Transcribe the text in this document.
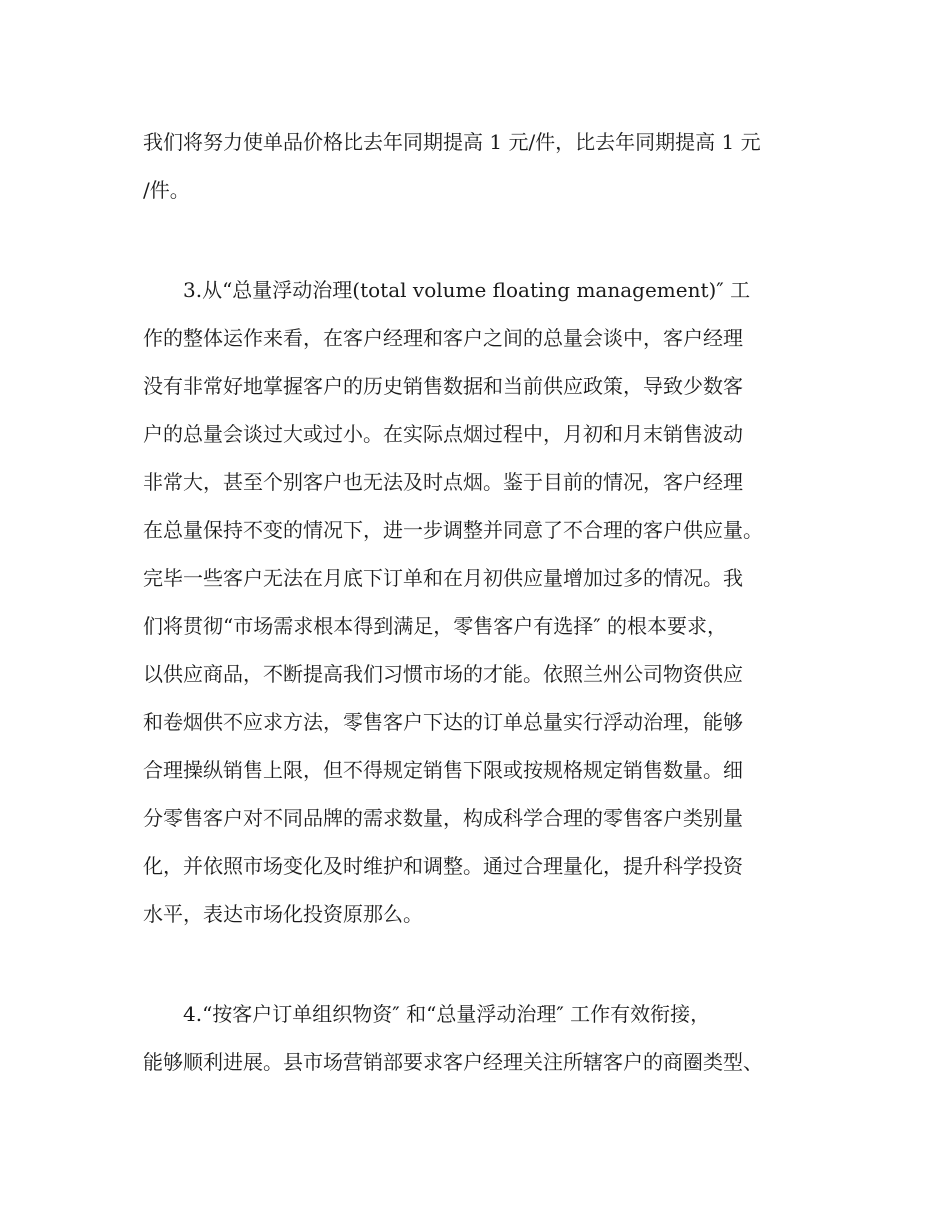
我们将努力使单品价格比去年同期提高 1 元/件，比去年同期提高 1 元
/件。
3.从“总量浮动治理(total volume floating management)″ 工
作的整体运作来看，在客户经理和客户之间的总量会谈中，客户经理
没有非常好地掌握客户的历史销售数据和当前供应政策，导致少数客
户的总量会谈过大或过小。在实际点烟过程中，月初和月末销售波动
非常大，甚至个别客户也无法及时点烟。鉴于目前的情况，客户经理
在总量保持不变的情况下，进一步调整并同意了不合理的客户供应量。
完毕一些客户无法在月底下订单和在月初供应量增加过多的情况。我
们将贯彻“市场需求根本得到满足，零售客户有选择″ 的根本要求，
以供应商品，不断提高我们习惯市场的才能。依照兰州公司物资供应
和卷烟供不应求方法，零售客户下达的订单总量实行浮动治理，能够
合理操纵销售上限，但不得规定销售下限或按规格规定销售数量。细
分零售客户对不同品牌的需求数量，构成科学合理的零售客户类别量
化，并依照市场变化及时维护和调整。通过合理量化，提升科学投资
水平，表达市场化投资原那么。
4.“按客户订单组织物资″ 和“总量浮动治理″ 工作有效衔接，
能够顺利进展。县市场营销部要求客户经理关注所辖客户的商圈类型、
